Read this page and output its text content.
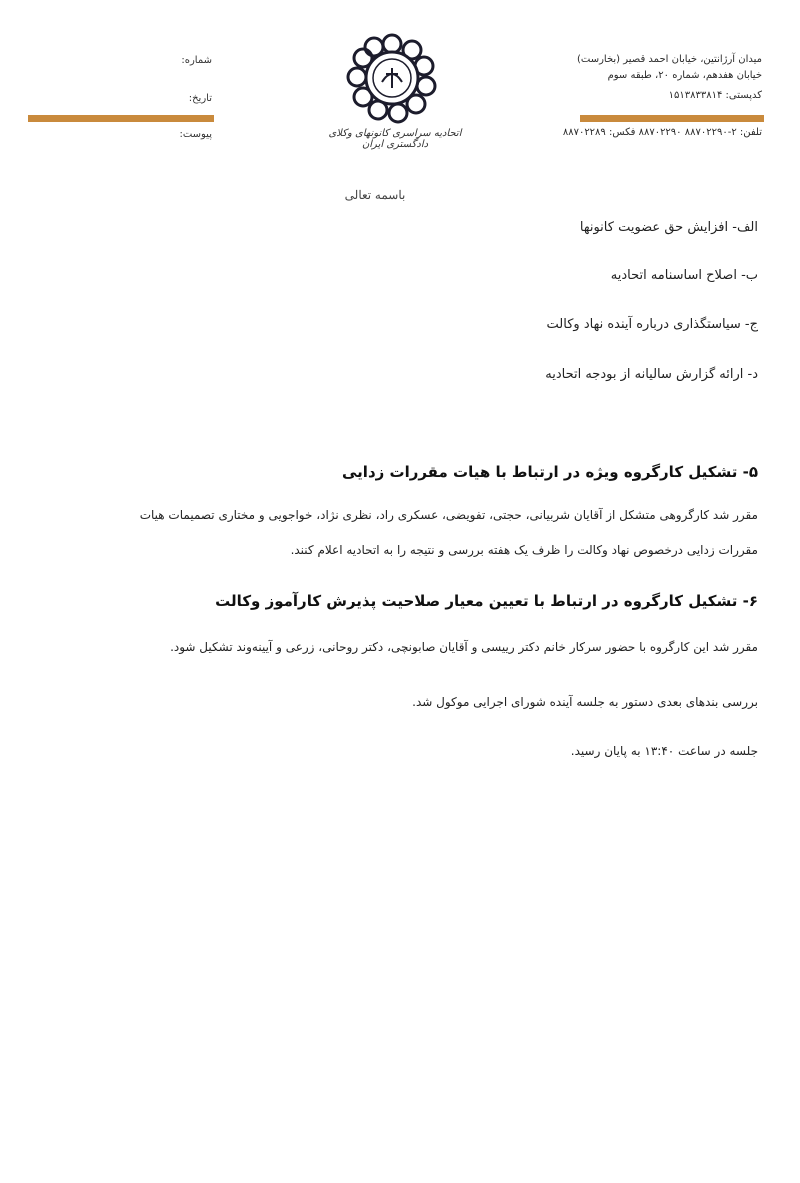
میدان آرژانتین، خیابان احمد قصیر (بخارست)
خیابان هفدهم، شماره ۲۰، طبقه سوم
کدپستی: ۱۵۱۳۸۳۳۸۱۴
شماره:
تاریخ:
پیوست:	تلفن: ۲-۸۸۷۰۲۲۹۰ ۸۸۷۰۲۲۹۰ فکس: ۸۸۷۰۲۲۸۹
اتحادیه سراسری کانونهای وکلای دادگستری ایران
باسمه تعالی
الف- افزایش حق عضویت کانونها
ب- اصلاح اساسنامه اتحادیه
ج- سیاستگذاری درباره آینده نهاد وکالت
د- ارائه گزارش سالیانه از بودجه اتحادیه
۵- تشکیل کارگروه ویژه در ارتباط با هیات مقررات زدایی
مقرر شد کارگروهی متشکل از آقایان شربیانی، حجتی، تفویضی، عسکری راد، نظری نژاد، خواجویی و مختاری تصمیمات هیات
مقررات زدایی درخصوص نهاد وکالت را ظرف یک هفته بررسی و نتیجه را به اتحادیه اعلام کنند.
۶- تشکیل کارگروه در ارتباط با تعیین معیار صلاحیت پذیرش کارآموز وکالت
مقرر شد این کارگروه با حضور سرکار خانم دکتر رییسی و آقایان صابونچی، دکتر روحانی، زرعی و آیینه‌وند تشکیل شود.
بررسی بندهای بعدی دستور به جلسه آینده شورای اجرایی موکول شد.
جلسه در ساعت ۱۳:۴۰ به پایان رسید.
